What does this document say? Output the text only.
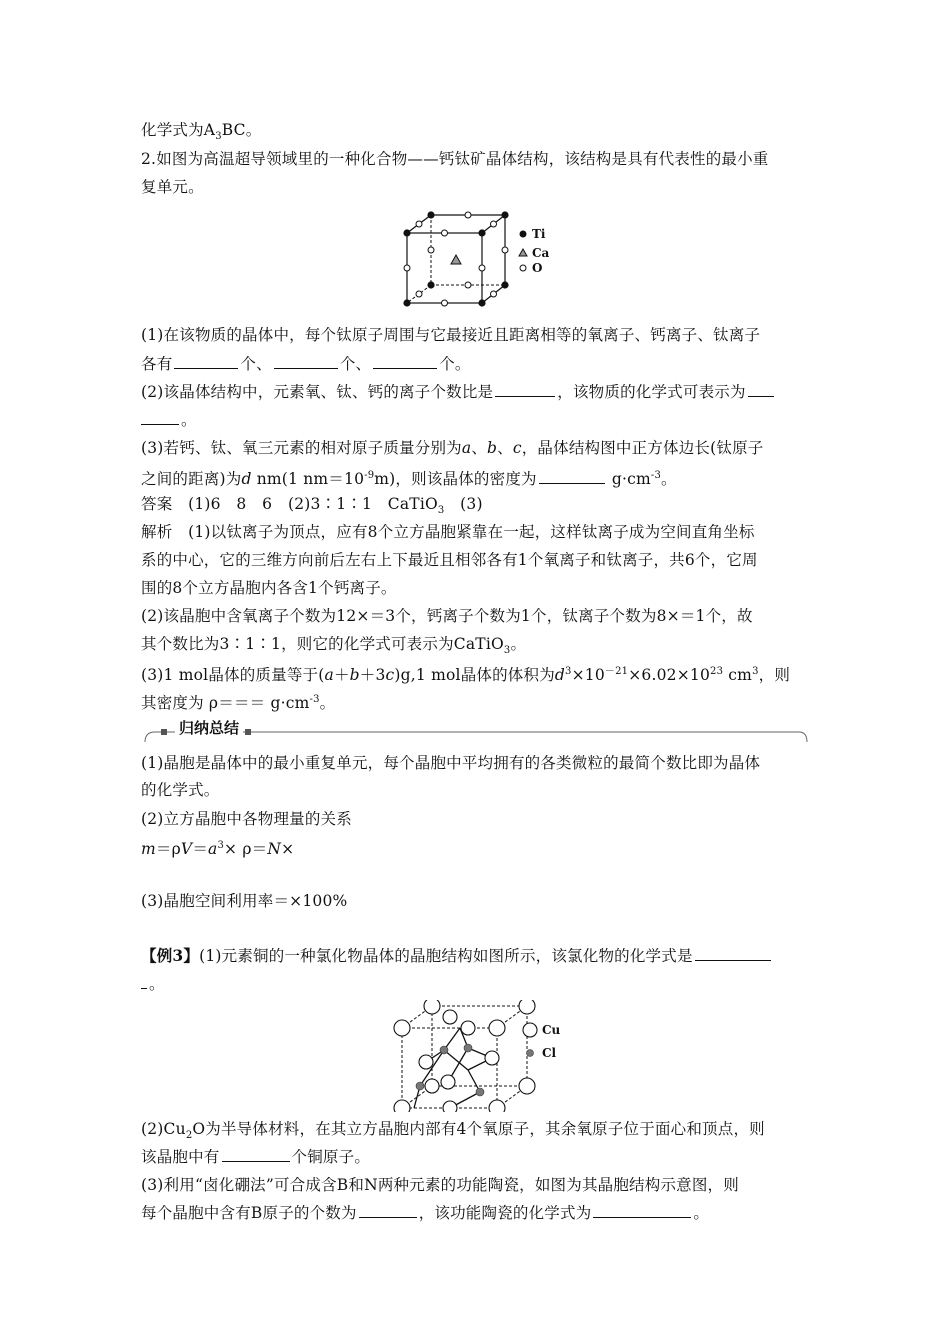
化学式为$A_3BC$。
2.如图为高温超导领域里的一种化合物——钙钛矿晶体结构，该结构是具有代表性的最小重
复单元。
Ti
Ca
O
(1)在该物质的晶体中，每个钛原子周围与它最接近且距离相等的氧离子、钙离子、钛离子
各有	个、	个、	个。
(2)该晶体结构中，元素氧、钛、钙的离子个数比是	，该物质的化学式可表示为
。
(3)若钙、钛、氧三元素的相对原子质量分别为a、b、c，晶体结构图中正方体边长(钛原子
之间的距离)为d nm(1 $nm=10^{-9}m$)，则该晶体的密度为	$g\cdot cm^{-3}$。
答案　(1)6　8　6　(2)3∶1∶1　CaTiO$_3$　(3)
解析　(1)以钛离子为顶点，应有8个立方晶胞紧靠在一起，这样钛离子成为空间直角坐标
系的中心，它的三维方向前后左右上下最近且相邻各有1个氧离子和钛离子，共6个，它周
围的8个立方晶胞内各含1个钙离子。
(2)该晶胞中含氧离子个数为12×＝3个，钙离子个数为1个，钛离子个数为8×＝1个，故
其个数比为3∶1∶1，则它的化学式可表示为CaTiO$_3$。
(3)1 mol晶体的质量等于(a＋b＋3c)g,1 mol晶体的体积为$d^3\times 10^{-21}\times 6.02\times 10^{23}$ $cm^3$，则
其密度为 $\rho=== g\cdot cm^{-3}$。
归纳总结
(1)晶胞是晶体中的最小重复单元，每个晶胞中平均拥有的各类微粒的最简个数比即为晶体
的化学式。
(2)立方晶胞中各物理量的关系
$m=\rho V=a^3\times \rho=N\times$
(3)晶胞空间利用率＝×100%
【例3】(1)元素铜的一种氯化物晶体的晶胞结构如图所示，该氯化物的化学式是
。
Cu
Cl
$(2)Cu_2O$为半导体材料，在其立方晶胞内部有4个氧原子，其余氧原子位于面心和顶点，则
该晶胞中有	个铜原子。
(3)利用“卤化硼法”可合成含B和N两种元素的功能陶瓷，如图为其晶胞结构示意图，则
每个晶胞中含有B原子的个数为	，该功能陶瓷的化学式为	。
